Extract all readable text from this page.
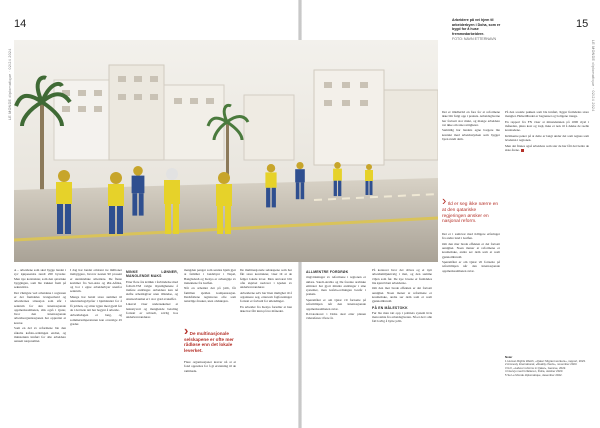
14	15
LE MONDE diplomatique · 02/24 2024	LE MONDE diplomatique · 02/24 2024
Arbeidere på vei hjem til arbeiderbyen i Doha, som er bygd for å huse fremmedarbeidere.
FOTO: NAVN ETTERNAVN

A – arbeidene som skal bygge landet i syv kjøpesentre rundt 200 byrader. Men nye kontrakter, som den qatariske byggingen, som ble trukket frem på sekundære.

Det viktigste ved arbeidene i regionen er det fremdeles tvangsarbeid og arbeidernes situasjon som står i sentrum for den internasjonale oppmerksomheten, slik også i Qatar, hvor den internasjonale arbeidsorganisasjonen har opprettet et kontor.

Som en del av reformene ble den såkalte kafala-ordningen endret, og minstelønn innført for alle arbeidere uansett nasjonalitet.

I dag har landet omtrent tre millioner innbyggere, hvorav nesten 90 prosent er utenlandske arbeidere. De fleste kommer fra Sør-Asia og Øst-Afrika, og bor i egne arbeiderbyer utenfor sentrum.

Mange har betalt store summer til rekrutteringsbyråer i hjemlandet for å få jobben, og sitter igjen med gjeld før de i det hele tatt har begynt å arbeide.

Arbeidsdagen er lang, og sommertemperaturen kan overstige 45 grader.

MINKE LØNNER, MANGLENDE MAKS

Etter flere års kritikk i forbindelse med fotball-VM valgte myndighetene å innføre endringer. Arbeidere kan nå skifte arbeidsgiver uten tillatelse, og utreisevisumet er i stor grad avskaffet.

Likevel viser undersøkelser at lønnstyveri og manglende betaling fortsatt er utbredt, særlig hos underleverandører.

› De multinasjonale selskapene er ofte mer rådløse enn det lokale leverket.

mengden penger som sendes hjem gjør at familier i landsbyer i Nepal, Bangladesh og Kenya er avhengige av inntektene fra Gulfen.

Når en arbeider dør på jobb, får familien sjelden kompensasjon. Dødsfallene registreres ofte som naturlige årsaker, uten obduksjon.

Flere organisasjoner krever nå at et fond opprettes for å gi erstatning til de rammede.

De multinasjonale selskapene som har fått store kontrakter, viser til at de følger lokale lover. Men ansvaret blir ofte skjøvet nedover i kjeden av underleverandører.

Arbeiderne selv har liten mulighet til å organisere seg, ettersom fagforeninger fortsatt er forbudt for utlendinger.

En arbeider fra Kenya forteller at han ikke har fått lønn på tre måneder.

ALLMENTRE FORDRØK

ringvirkninger av reformene i regionen er uklare. Saudi-Arabia og De forente arabiske emirater har gjort mindre endringer i sine systemer, men kafala-ordningen består i praksis.

Spørsmålet er om Qatar vil fortsette på reformlinjen når den internasjonale oppmerksomheten avtar.

ILO-kontoret i Doha skal etter planen videreføres i flere år.

På kontoret hvor det drives og et nytt arbeidsmiljøutvalg i mai, og den samme viljen som før. De nye lovene er fremdeles lite kjent blant arbeiderne.

Om den mer brede effekten er det fortsatt uenighet. Noen mener at reformene er kosmetiske, andre ser dem som et reelt gjennombrudd.

PÅ EN MÅLESTOKK

Før ble man tatt opp i politiets system hvis man rømte fra arbeidsgiveren. Nå er det i alle fall lovlig å bytte jobb.

Det er imidlertid en fare for at reformene ikke blir fulgt opp i praksis. Arbeidsgiverne har fortsatt stor makt, og mange arbeidere vet ikke om sine rettigheter.

Samtidig har landets egne borgere lite kontakt med arbeidsstyrken som bygger byen rundt dem.

› Ild er seg ikke nærre en at den qatariske regjeringen ønsker en nasjonal reform.

Det er i samsvar med tidligere erfaringer fra andre land i Gulfen.

Om den mer brede effekten er det fortsatt uenighet. Noen mener at reformene er kosmetiske, andre ser dem som et reelt gjennombrudd.

Spørsmålet er om Qatar vil fortsette på reformlinjen når den internasjonale oppmerksomheten avtar.

På den sosiale pakken som ble innført, ligger fremdeles store mangler. Helsetilbudet er begrenset og boligene trange.

En rapport fra FN viser at minstelønnen på 1000 riyal i måneden, pluss kost og losji, ikke er nok til å dekke de reelle kostnadene.

Kritikerne peker på at dette er langt under det som regnes som levelønn i regionen.

Men det finnes også arbeidere som sier de har fått det bedre de siste årene.

Noter
1 Human Rights Watch, «Qatar: Migrant workers», rapport, 2023.
2 Amnesty International, «Reality check», november 2023.
3 ILO, «Labour reforms in Qatar», Genève, 2022.
4 Intervju med forfatteren, Doha, oktober 2023.
5 Se Le Monde diplomatique, desember 2022.
